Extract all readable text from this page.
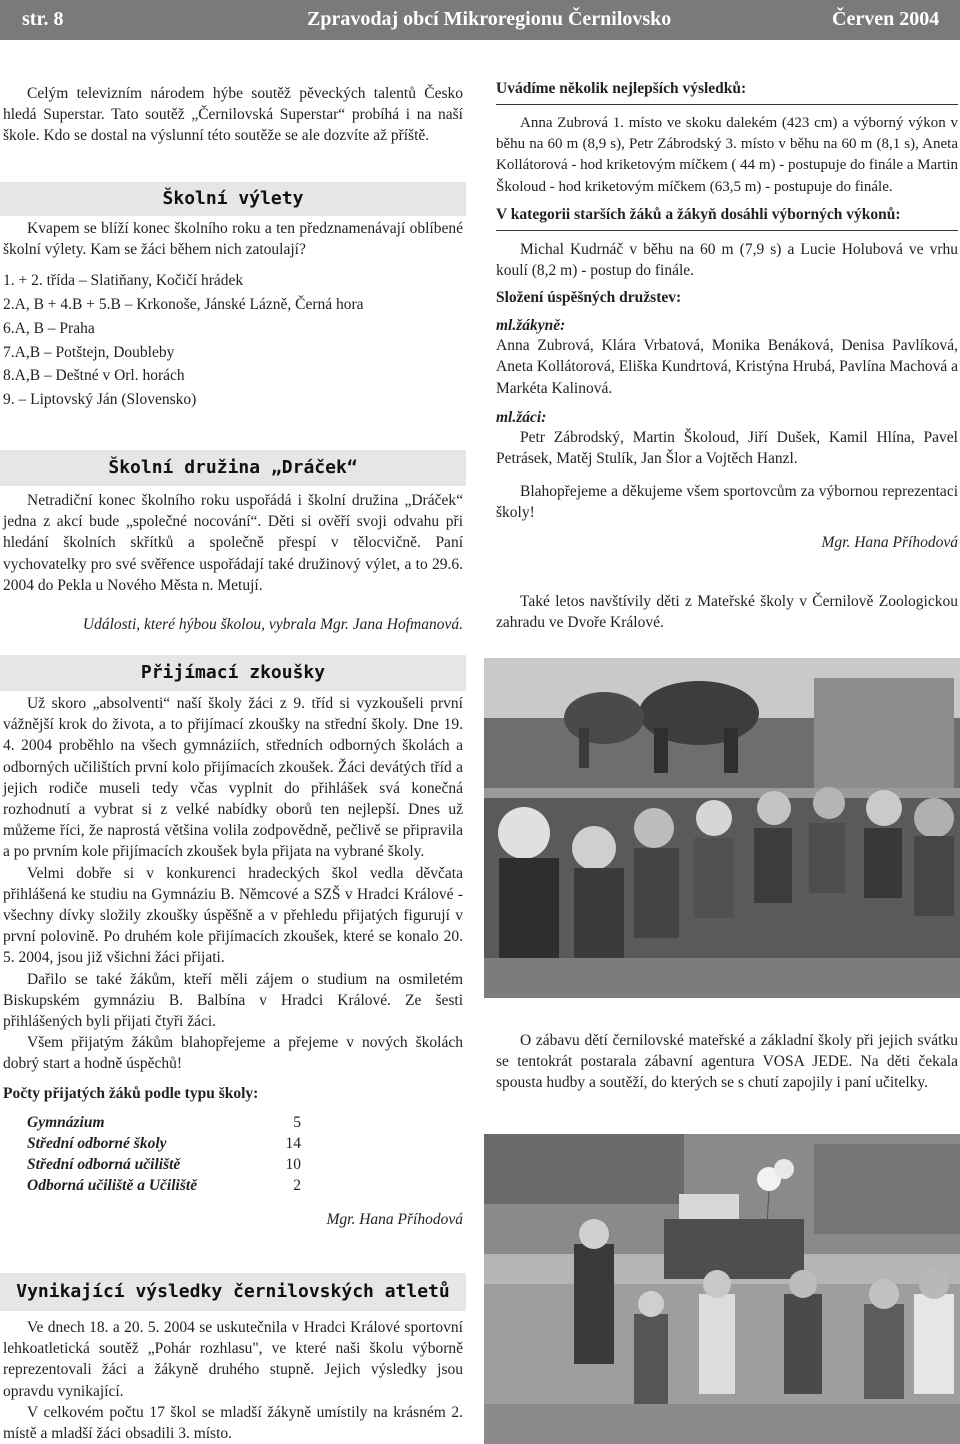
str. 8	Zpravodaj obcí Mikroregionu Černilovsko	Červen 2004

Celým televizním národem hýbe soutěž pěveckých talentů Česko hledá Superstar. Tato soutěž „Černilovská Superstar“ probíhá i na naší škole. Kdo se dostal na výslunní této soutěže se ale dozvíte až příště.

Školní výlety

Kvapem se blíží konec školního roku a ten předznamenávají oblíbené školní výlety. Kam se žáci během nich zatoulají?

1. + 2. třída – Slatiňany, Kočičí hrádek
2.A, B + 4.B + 5.B – Krkonoše, Jánské Lázně, Černá hora
6.A, B – Praha
7.A,B – Potštejn, Doubleby
8.A,B – Deštné v Orl. horách
9. – Liptovský Ján (Slovensko)
Školní družina „Dráček“

Netradiční konec školního roku uspořádá i školní družina „Dráček“ jedna z akcí bude „společné nocování“. Děti si ověří svoji odvahu při hledání školních skřítků a společně přespí v tělocvičně. Paní vychovatelky pro své svěřence uspořádají také družinový výlet, a to 29.6. 2004 do Pekla u Nového Města n. Metují.

Události, které hýbou školou, vybrala Mgr. Jana Hofmanová.

Přijímací zkoušky

Už skoro „absolventi“ naší školy žáci z 9. tříd si vyzkoušeli první vážnější krok do života, a to přijímací zkoušky na střední školy. Dne 19. 4. 2004 proběhlo na všech gymnáziích, středních odborných školách a odborných učilištích první kolo přijímacích zkoušek. Žáci devátých tříd a jejich rodiče museli tedy včas vyplnit do přihlášek svá konečná rozhodnutí a vybrat si z velké nabídky oborů ten nejlepší. Dnes už můžeme říci, že naprostá většina volila zodpovědně, pečlivě se připravila a po prvním kole přijímacích zkoušek byla přijata na vybrané školy.

Velmi dobře si v konkurenci hradeckých škol vedla děvčata přihlášená ke studiu na Gymnáziu B. Němcové a SZŠ v Hradci Králové - všechny dívky složily zkoušky úspěšně a v přehledu přijatých figurují v první polovině. Po druhém kole přijímacích zkoušek, které se konalo 20. 5. 2004, jsou již všichni žáci přijati.

Dařilo se také žákům, kteří měli zájem o studium na osmiletém Biskupském gymnáziu B. Balbína v Hradci Králové. Ze šesti přihlášených byli přijati čtyři žáci.

Všem přijatým žákům blahopřejeme a přejeme v nových školách dobrý start a hodně úspěchů!

Počty přijatých žáků podle typu školy:
Gymnázium	5
Střední odborné školy	14
Střední odborná učiliště	10
Odborná učiliště a Učiliště	2

Mgr. Hana Příhodová

Vynikající výsledky černilovských atletů

Ve dnech 18. a 20. 5. 2004 se uskutečnila v Hradci Králové sportovní lehkoatletická soutěž „Pohár rozhlasu", ve které naši školu výborně reprezentovali žáci a žákyně druhého stupně. Jejich výsledky jsou opravdu vynikající.

V celkovém počtu 17 škol se mladší žákyně umístily na krásném 2. místě a mladší žáci obsadili 3. místo.

Uvádíme několik nejlepších výsledků:

Anna Zubrová 1. místo ve skoku dalekém (423 cm) a výborný výkon v běhu na 60 m (8,9 s), Petr Zábrodský 3. místo v běhu na 60 m (8,1 s), Aneta Kollátorová - hod kriketovým míčkem ( 44 m) - postupuje do finále a Martin Školoud - hod kriketovým míčkem (63,5 m) - postupuje do finále.

V kategorii starších žáků a žákyň dosáhli výborných výkonů:

Michal Kudrnáč v běhu na 60 m (7,9 s) a Lucie Holubová ve vrhu koulí (8,2 m) - postup do finále.

Složení úspěšných družstev:
ml.žákyně:

Anna Zubrová, Klára Vrbatová, Monika Benáková, Denisa Pavlíková, Aneta Kollátorová, Eliška Kundrtová, Kristýna Hrubá, Pavlína Machová a Markéta Kalinová.

ml.žáci:

Petr Zábrodský, Martin Školoud, Jiří Dušek, Kamil Hlína, Pavel Petrásek, Matěj Stulík, Jan Šlor a Vojtěch Hanzl.

Blahopřejeme a děkujeme všem sportovcům za výbornou reprezentaci školy!

Mgr. Hana Příhodová

Také letos navštívily děti z Mateřské školy v Černilově Zoologickou zahradu ve Dvoře Králové.

O zábavu dětí černilovské mateřské a základní školy při jejich svátku se tentokrát postarala zábavní agentura VOSA JEDE. Na děti čekala spousta hudby a soutěží, do kterých se s chutí zapojily i paní učitelky.
